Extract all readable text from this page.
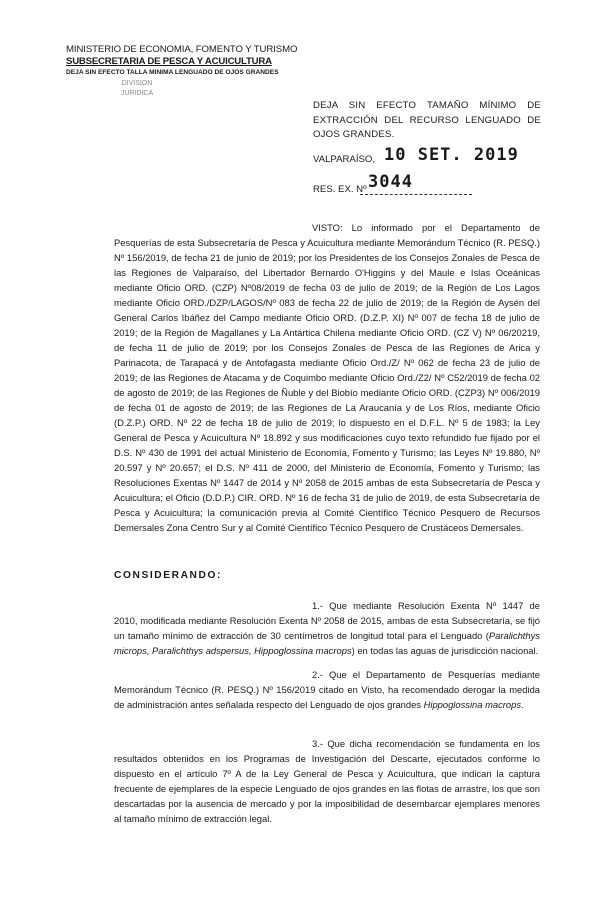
MINISTERIO DE ECONOMIA, FOMENTO Y TURISMO
SUBSECRETARIA DE PESCA Y ACUICULTURA
DEJA SIN EFECTO TALLA MINIMA LENGUADO DE OJOS GRANDES
DIVISION
JURIDICA
DEJA SIN EFECTO TAMAÑO MÍNIMO DE EXTRACCIÓN DEL RECURSO LENGUADO DE OJOS GRANDES.
VALPARAÍSO, 10 SET. 2019
RES. EX. Nº 3044
VISTO: Lo informado por el Departamento de Pesquerías de esta Subsecretaría de Pesca y Acuicultura mediante Memorándum Técnico (R. PESQ.) Nº 156/2019, de fecha 21 de junio de 2019; por los Presidentes de los Consejos Zonales de Pesca de las Regiones de Valparaíso, del Libertador Bernardo O'Higgins y del Maule e Islas Oceánicas mediante Oficio ORD. (CZP) Nº08/2019 de fecha 03 de julio de 2019; de la Región de Los Lagos mediante Oficio ORD./DZP/LAGOS/Nº 083 de fecha 22 de julio de 2019; de la Región de Aysén del General Carlos Ibáñez del Campo mediante Oficio ORD. (D.Z.P. XI) Nº 007 de fecha 18 de julio de 2019; de la Región de Magallanes y La Antártica Chilena mediante Oficio ORD. (CZ V) Nº 06/20219, de fecha 11 de julio de 2019; por los Consejos Zonales de Pesca de las Regiones de Arica y Parinacota, de Tarapacá y de Antofagasta mediante Oficio Ord./Z/ Nº 062 de fecha 23 de julio de 2019; de las Regiones de Atacama y de Coquimbo mediante Oficio Ord./Z2/ Nº C52/2019 de fecha 02 de agosto de 2019; de las Regiones de Ñuble y del Biobío mediante Oficio ORD. (CZP3) Nº 006/2019 de fecha 01 de agosto de 2019; de las Regiones de La Araucanía y de Los Ríos, mediante Oficio (D.Z.P.) ORD. Nº 22 de fecha 18 de julio de 2019; lo dispuesto en el D.F.L. Nº 5 de 1983; la Ley General de Pesca y Acuicultura Nº 18.892 y sus modificaciones cuyo texto refundido fue fijado por el D.S. Nº 430 de 1991 del actual Ministerio de Economía, Fomento y Turismo; las Leyes Nº 19.880, Nº 20.597 y Nº 20.657; el D.S. Nº 411 de 2000, del Ministerio de Economía, Fomento y Turismo; las Resoluciones Exentas Nº 1447 de 2014 y Nº 2058 de 2015 ambas de esta Subsecretaría de Pesca y Acuicultura; el Oficio (D.D.P.) CIR. ORD. Nº 16 de fecha 31 de julio de 2019, de esta Subsecretaría de Pesca y Acuicultura; la comunicación previa al Comité Científico Técnico Pesquero de Recursos Demersales Zona Centro Sur y al Comité Científico Técnico Pesquero de Crustáceos Demersales.
CONSIDERANDO:
1.- Que mediante Resolución Exenta Nº 1447 de 2010, modificada mediante Resolución Exenta Nº 2058 de 2015, ambas de esta Subsecretaría, se fijó un tamaño mínimo de extracción de 30 centímetros de longitud total para el Lenguado (Paralichthys microps, Paralichthys adspersus, Hippoglossina macrops) en todas las aguas de jurisdicción nacional.
2.- Que el Departamento de Pesquerías mediante Memorándum Técnico (R. PESQ.) Nº 156/2019 citado en Visto, ha recomendado derogar la medida de administración antes señalada respecto del Lenguado de ojos grandes Hippoglossina macrops.
3.- Que dicha recomendación se fundamenta en los resultados obtenidos en los Programas de Investigación del Descarte, ejecutados conforme lo dispuesto en el artículo 7º A de la Ley General de Pesca y Acuicultura, que indican la captura frecuente de ejemplares de la especie Lenguado de ojos grandes en las flotas de arrastre, los que son descartadas por la ausencia de mercado y por la imposibilidad de desembarcar ejemplares menores al tamaño mínimo de extracción legal.
